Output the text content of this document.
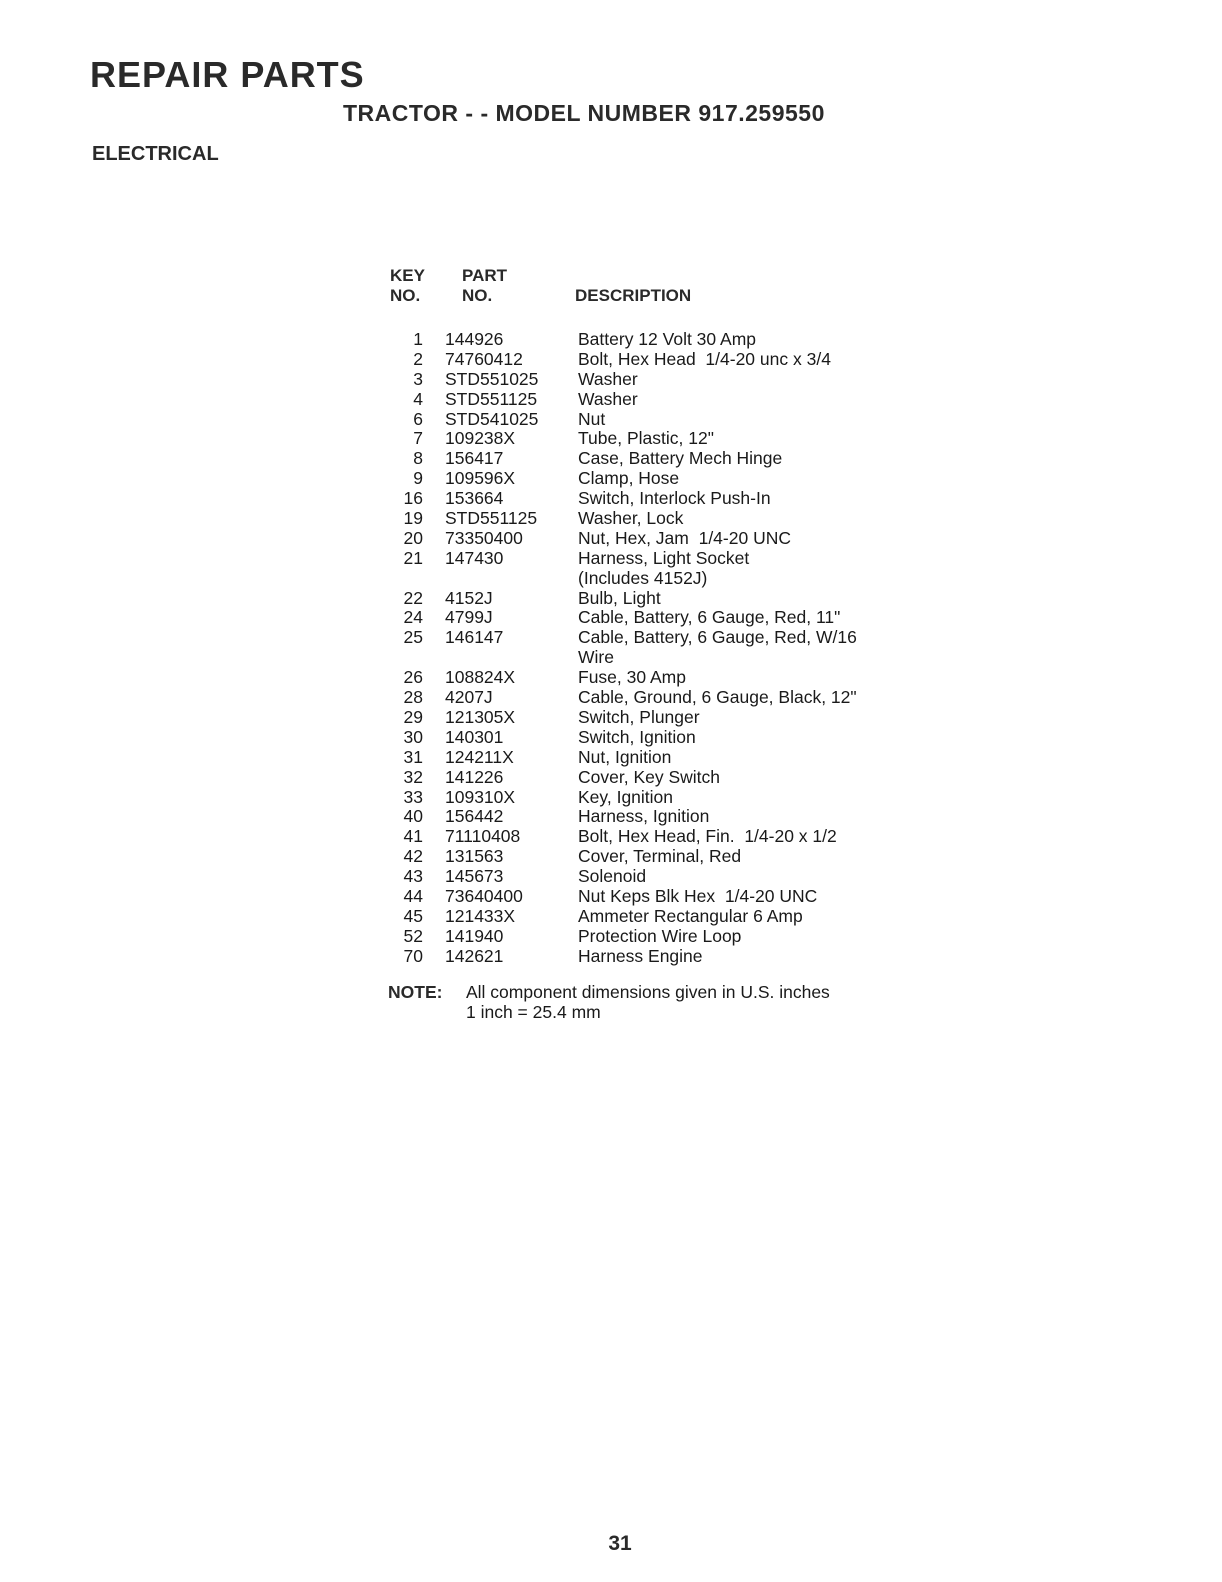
REPAIR PARTS
TRACTOR - - MODEL NUMBER 917.259550
ELECTRICAL
KEY
NO.
PART
NO.	DESCRIPTION
1 144926	Battery 12 Volt 30 Amp
2 74760412	Bolt, Hex Head  1/4-20 unc x 3/4
3 STD551025 Washer
4 STD551125 Washer
6 STD541025 Nut
7 109238X	Tube, Plastic, 12"
8 156417	Case, Battery Mech Hinge
9 109596X	Clamp, Hose
16 153664	Switch, Interlock Push-In
19 STD551125 Washer, Lock
20 73350400	Nut, Hex, Jam  1/4-20 UNC
21 147430	Harness, Light Socket
(Includes 4152J)
22 4152J	Bulb, Light
24 4799J	Cable, Battery, 6 Gauge, Red, 11"
25 146147	Cable, Battery, 6 Gauge, Red, W/16
Wire
26 108824X	Fuse, 30 Amp
28 4207J	Cable, Ground, 6 Gauge, Black, 12"
29 121305X	Switch, Plunger
30 140301	Switch, Ignition
31 124211X	Nut, Ignition
32 141226	Cover, Key Switch
33 109310X	Key, Ignition
40 156442	Harness, Ignition
41 71110408	Bolt, Hex Head, Fin.  1/4-20 x 1/2
42 131563	Cover, Terminal, Red
43 145673	Solenoid
44 73640400	Nut Keps Blk Hex  1/4-20 UNC
45 121433X	Ammeter Rectangular 6 Amp
52 141940	Protection Wire Loop
70 142621	Harness Engine
NOTE: All component dimensions given in U.S. inches
1 inch = 25.4 mm
31
